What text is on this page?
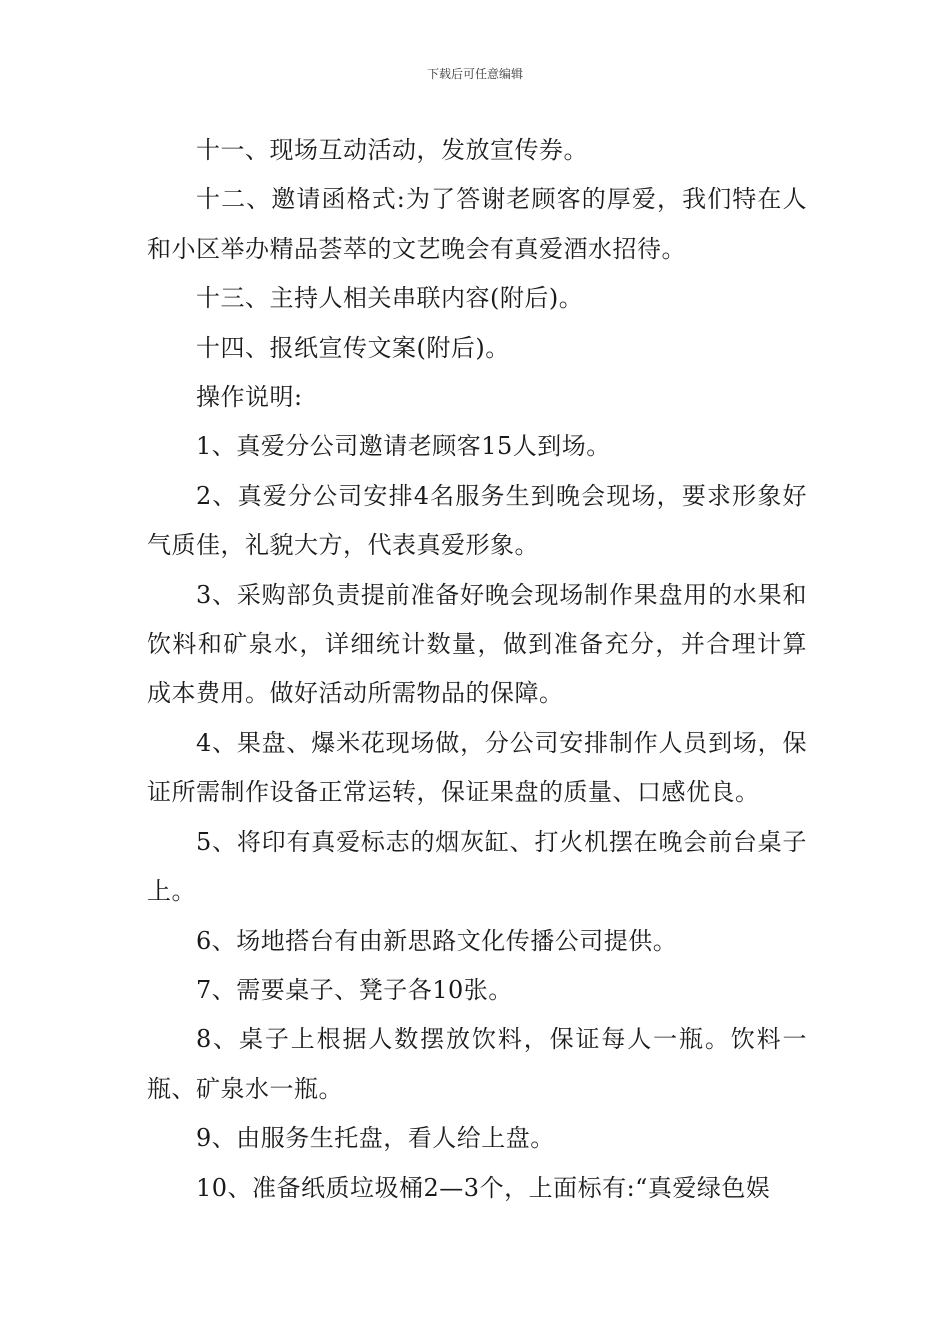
下载后可任意编辑

十一、现场互动活动，发放宣传券。

十二、邀请函格式:为了答谢老顾客的厚爱，我们特在人和小区举办精品荟萃的文艺晚会有真爱酒水招待。

十三、主持人相关串联内容(附后)。

十四、报纸宣传文案(附后)。

操作说明:

1、真爱分公司邀请老顾客15人到场。

2、真爱分公司安排4名服务生到晚会现场，要求形象好气质佳，礼貌大方，代表真爱形象。

3、采购部负责提前准备好晚会现场制作果盘用的水果和饮料和矿泉水，详细统计数量，做到准备充分，并合理计算成本费用。做好活动所需物品的保障。

4、果盘、爆米花现场做，分公司安排制作人员到场，保证所需制作设备正常运转，保证果盘的质量、口感优良。

5、将印有真爱标志的烟灰缸、打火机摆在晚会前台桌子上。

6、场地搭台有由新思路文化传播公司提供。

7、需要桌子、凳子各10张。

8、桌子上根据人数摆放饮料，保证每人一瓶。饮料一瓶、矿泉水一瓶。

9、由服务生托盘，看人给上盘。

10、准备纸质垃圾桶2—3个，上面标有:“真爱绿色娱
